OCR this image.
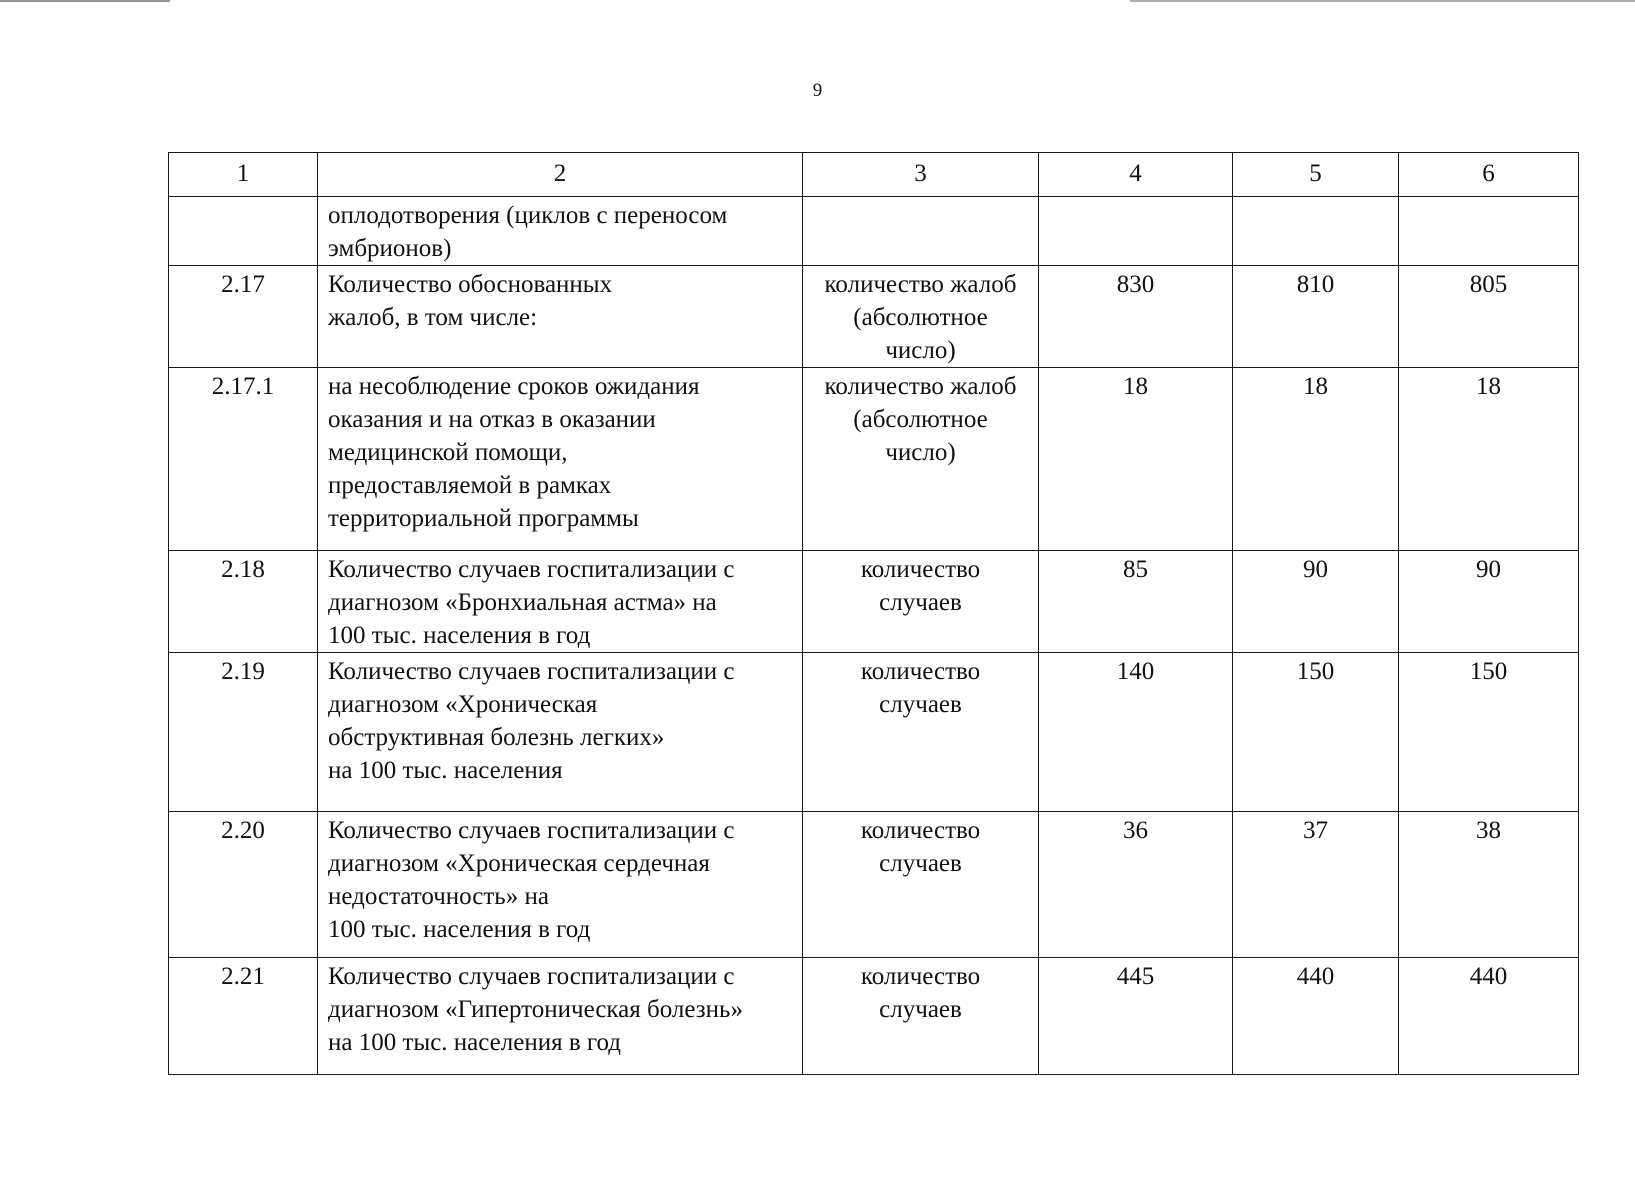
9
1	2	3	4	5	6
	оплодотворения (циклов с переносом
эмбрионов)				
2.17	Количество обоснованных
жалоб, в том числе:	количество жалоб
(абсолютное
число)	830	810	805
2.17.1	на несоблюдение сроков ожидания
оказания и на отказ в оказании
медицинской помощи,
предоставляемой в рамках
территориальной программы	количество жалоб
(абсолютное
число)	18	18	18
2.18	Количество случаев госпитализации с
диагнозом «Бронхиальная астма» на
100 тыс. населения в год	количество
случаев	85	90	90
2.19	Количество случаев госпитализации с
диагнозом «Хроническая
обструктивная болезнь легких»
на 100 тыс. населения	количество
случаев	140	150	150
2.20	Количество случаев госпитализации с
диагнозом «Хроническая сердечная
недостаточность» на
100 тыс. населения в год	количество
случаев	36	37	38
2.21	Количество случаев госпитализации с
диагнозом «Гипертоническая болезнь»
на 100 тыс. населения в год	количество
случаев	445	440	440
